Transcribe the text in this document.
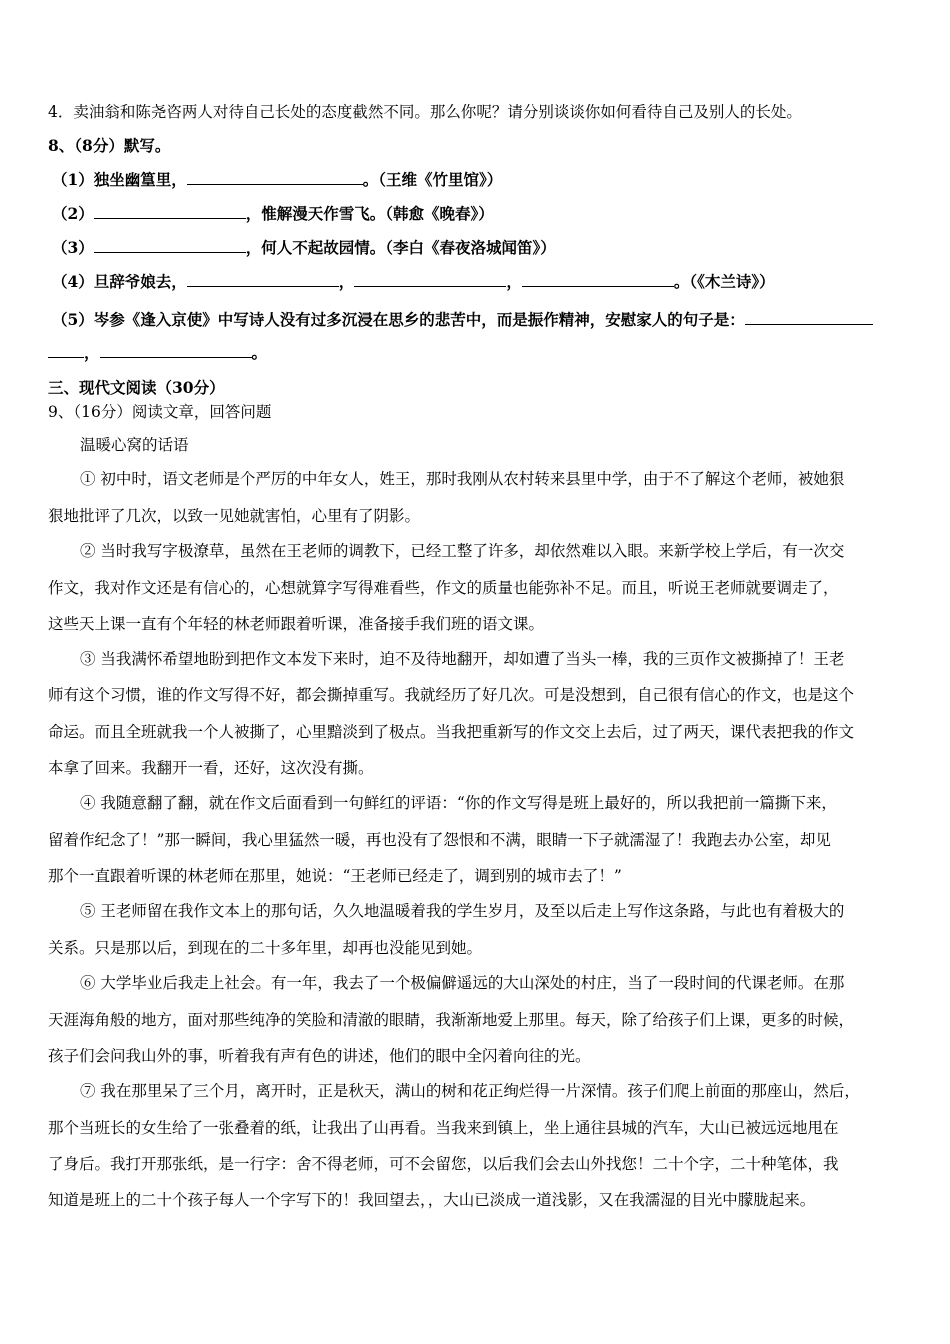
4．卖油翁和陈尧咨两人对待自己长处的态度截然不同。那么你呢？请分别谈谈你如何看待自己及别人的长处。

8、（8分）默写。

（1）独坐幽篁里，	。（王维《竹里馆》）

（2）	，惟解漫天作雪飞。（韩愈《晚春》）

（3）	，何人不起故园情。（李白《春夜洛城闻笛》）

（4）旦辞爷娘去，	，	，	。（《木兰诗》）

（5）岑参《逢入京使》中写诗人没有过多沉浸在思乡的悲苦中，而是振作精神，安慰家人的句子是：

，	。

三、现代文阅读（30分）

9、（16分）阅读文章，回答问题

温暖心窝的话语

① 初中时，语文老师是个严厉的中年女人，姓王，那时我刚从农村转来县里中学，由于不了解这个老师，被她狠

狠地批评了几次，以致一见她就害怕，心里有了阴影。

② 当时我写字极潦草，虽然在王老师的调教下，已经工整了许多，却依然难以入眼。来新学校上学后，有一次交

作文，我对作文还是有信心的，心想就算字写得难看些，作文的质量也能弥补不足。而且，听说王老师就要调走了，

这些天上课一直有个年轻的林老师跟着听课，准备接手我们班的语文课。

③ 当我满怀希望地盼到把作文本发下来时，迫不及待地翻开，却如遭了当头一棒，我的三页作文被撕掉了！王老

师有这个习惯，谁的作文写得不好，都会撕掉重写。我就经历了好几次。可是没想到，自己很有信心的作文，也是这个

命运。而且全班就我一个人被撕了，心里黯淡到了极点。当我把重新写的作文交上去后，过了两天，课代表把我的作文

本拿了回来。我翻开一看，还好，这次没有撕。

④ 我随意翻了翻，就在作文后面看到一句鲜红的评语：“你的作文写得是班上最好的，所以我把前一篇撕下来，

留着作纪念了！”那一瞬间，我心里猛然一暖，再也没有了怨恨和不满，眼睛一下子就濡湿了！我跑去办公室，却见

那个一直跟着听课的林老师在那里，她说：“王老师已经走了，调到别的城市去了！”

⑤ 王老师留在我作文本上的那句话，久久地温暖着我的学生岁月，及至以后走上写作这条路，与此也有着极大的

关系。只是那以后，到现在的二十多年里，却再也没能见到她。

⑥ 大学毕业后我走上社会。有一年，我去了一个极偏僻遥远的大山深处的村庄，当了一段时间的代课老师。在那

天涯海角般的地方，面对那些纯净的笑脸和清澈的眼睛，我渐渐地爱上那里。每天，除了给孩子们上课，更多的时候，

孩子们会问我山外的事，听着我有声有色的讲述，他们的眼中全闪着向往的光。

⑦ 我在那里呆了三个月，离开时，正是秋天，满山的树和花正绚烂得一片深情。孩子们爬上前面的那座山，然后，

那个当班长的女生给了一张叠着的纸，让我出了山再看。当我来到镇上，坐上通往县城的汽车，大山已被远远地甩在

了身后。我打开那张纸，是一行字：舍不得老师，可不会留您，以后我们会去山外找您！二十个字，二十种笔体，我

知道是班上的二十个孩子每人一个字写下的！我回望去，，大山已淡成一道浅影，又在我濡湿的目光中朦胧起来。
